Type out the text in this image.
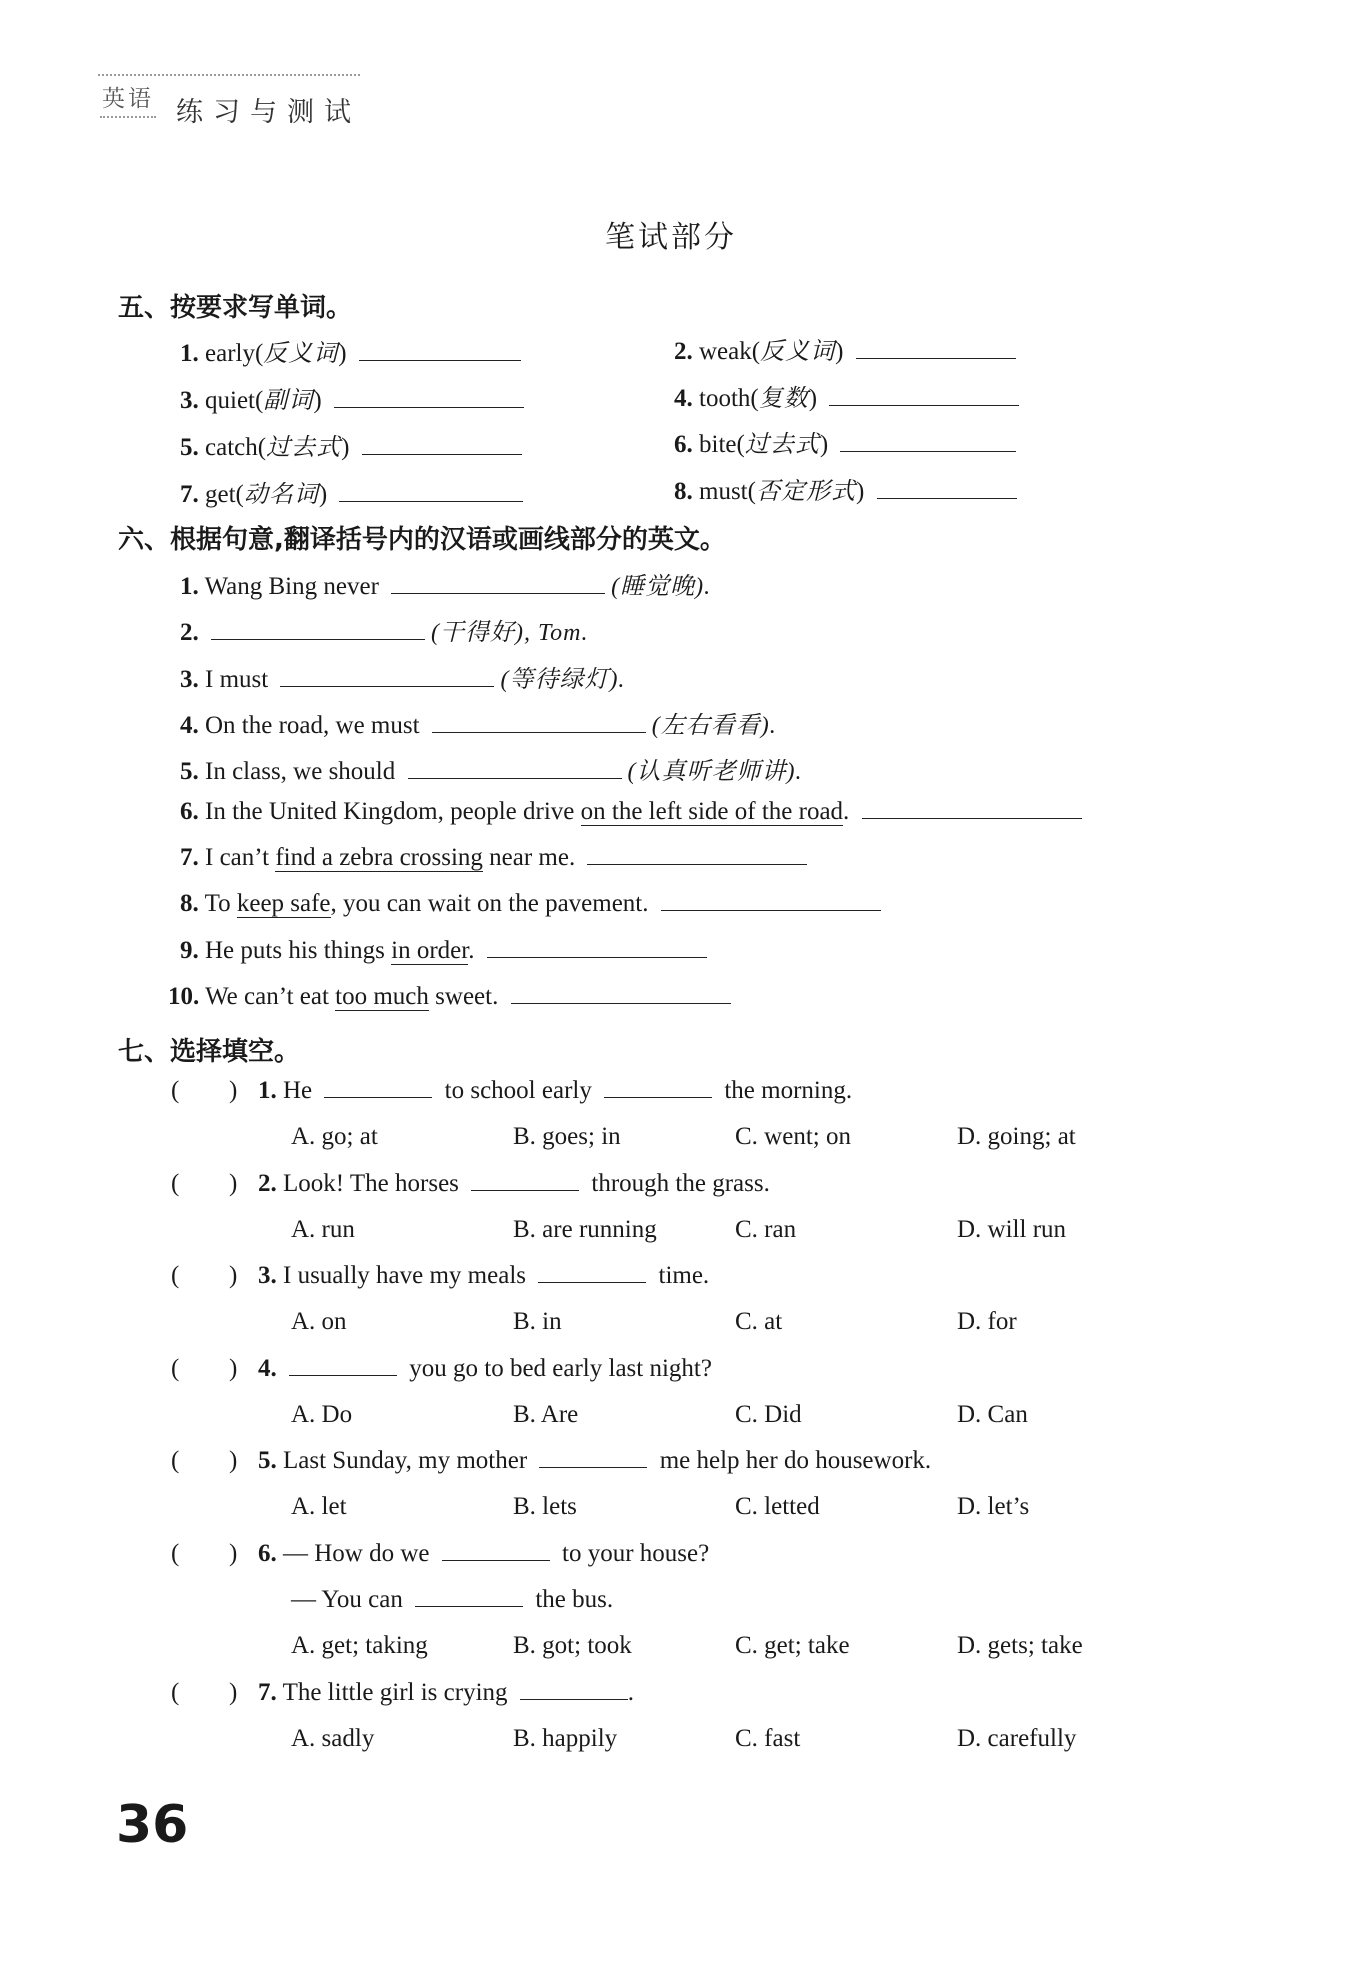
英语 练习与测试
笔试部分
五、按要求写单词。
1. early(反义词)	2. weak(反义词)
3. quiet(副词)	4. tooth(复数)
5. catch(过去式)	6. bite(过去式)
7. get(动名词)	8. must(否定形式)
六、根据句意,翻译括号内的汉语或画线部分的英文。
1. Wang Bing never	(睡觉晚).
2.	(干得好), Tom.
3. I must	(等待绿灯).
4. On the road, we must	(左右看看).
5. In class, we should	(认真听老师讲).
6. In the United Kingdom, people drive on the left side of the road.
7. I can’t find a zebra crossing near me.
8. To keep safe, you can wait on the pavement.
9. He puts his things in order.
10. We can’t eat too much sweet.
七、选择填空。
( ) 1. He	to school early	the morning.
A. go; at	B. goes; in	C. went; on	D. going; at
( ) 2. Look! The horses	through the grass.
A. run	B. are running	C. ran	D. will run
( ) 3. I usually have my meals	time.
A. on	B. in	C. at	D. for
( ) 4.	you go to bed early last night?
A. Do	B. Are	C. Did	D. Can
( ) 5. Last Sunday, my mother	me help her do housework.
A. let	B. lets	C. letted	D. let’s
( ) 6. — How do we	to your house?
— You can	the bus.
A. get; taking	B. got; took	C. get; take	D. gets; take
( ) 7. The little girl is crying	.
A. sadly	B. happily	C. fast	D. carefully
36
